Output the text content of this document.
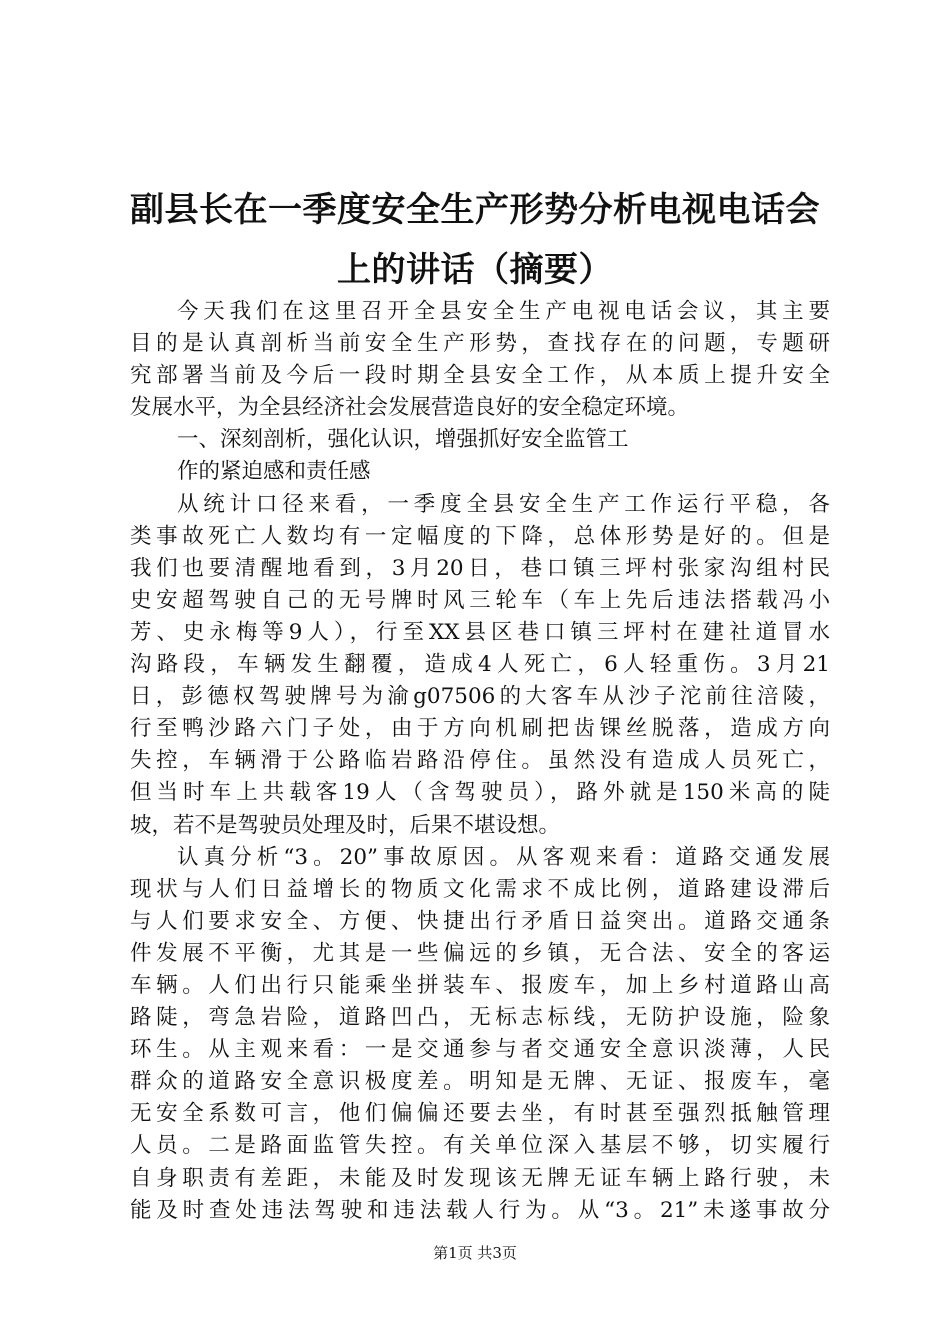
副县长在一季度安全生产形势分析电视电话会
上的讲话（摘要）
今天我们在这里召开全县安全生产电视电话会议，其主要
目的是认真剖析当前安全生产形势，查找存在的问题，专题研
究部署当前及今后一段时期全县安全工作，从本质上提升安全
发展水平，为全县经济社会发展营造良好的安全稳定环境。
一、深刻剖析，强化认识，增强抓好安全监管工
作的紧迫感和责任感
从统计口径来看，一季度全县安全生产工作运行平稳，各
类事故死亡人数均有一定幅度的下降，总体形势是好的。但是
我们也要清醒地看到，3月20日，巷口镇三坪村张家沟组村民
史安超驾驶自己的无号牌时风三轮车（车上先后违法搭载冯小
芳、史永梅等9人），行至XX县区巷口镇三坪村在建社道冒水
沟路段，车辆发生翻覆，造成4人死亡，6人轻重伤。3月21
日，彭德权驾驶牌号为渝g07506的大客车从沙子沱前往涪陵，
行至鸭沙路六门子处，由于方向机刷把齿锞丝脱落，造成方向
失控，车辆滑于公路临岩路沿停住。虽然没有造成人员死亡，
但当时车上共载客19人（含驾驶员），路外就是150米高的陡
坡，若不是驾驶员处理及时，后果不堪设想。
认真分析“3。20”事故原因。从客观来看：道路交通发展
现状与人们日益增长的物质文化需求不成比例，道路建设滞后
与人们要求安全、方便、快捷出行矛盾日益突出。道路交通条
件发展不平衡，尤其是一些偏远的乡镇，无合法、安全的客运
车辆。人们出行只能乘坐拼装车、报废车，加上乡村道路山高
路陡，弯急岩险，道路凹凸，无标志标线，无防护设施，险象
环生。从主观来看：一是交通参与者交通安全意识淡薄，人民
群众的道路安全意识极度差。明知是无牌、无证、报废车，毫
无安全系数可言，他们偏偏还要去坐，有时甚至强烈抵触管理
人员。二是路面监管失控。有关单位深入基层不够，切实履行
自身职责有差距，未能及时发现该无牌无证车辆上路行驶，未
能及时查处违法驾驶和违法载人行为。从“3。21”未遂事故分
第1页 共3页
